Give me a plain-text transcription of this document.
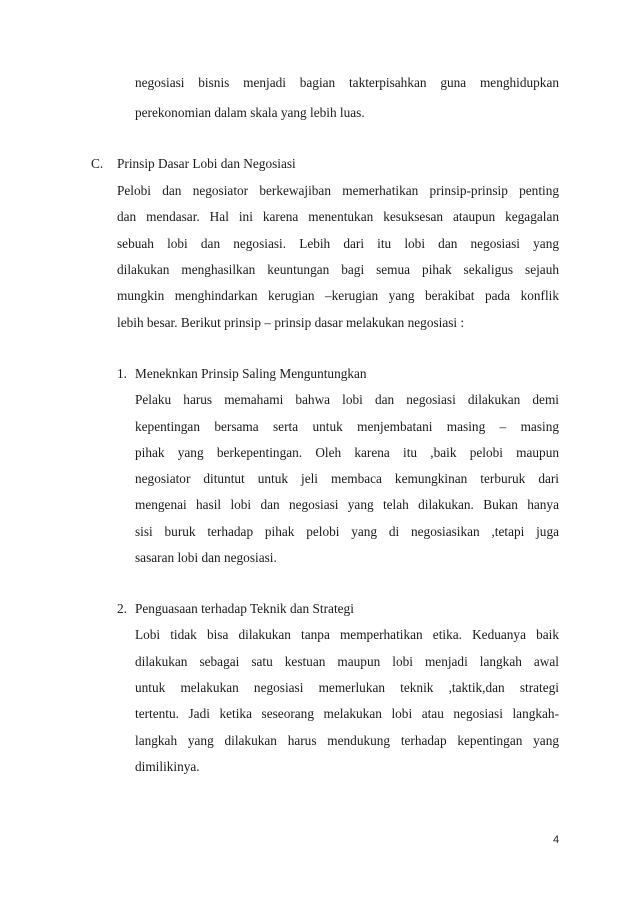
negosiasi bisnis menjadi bagian takterpisahkan guna menghidupkan
perekonomian dalam skala yang lebih luas.
C. Prinsip Dasar Lobi dan Negosiasi
Pelobi dan negosiator berkewajiban memerhatikan prinsip-prinsip penting
dan mendasar. Hal ini karena menentukan kesuksesan ataupun kegagalan
sebuah lobi dan negosiasi. Lebih dari itu lobi dan negosiasi yang
dilakukan menghasilkan keuntungan bagi semua pihak sekaligus sejauh
mungkin menghindarkan kerugian –kerugian yang berakibat pada konflik
lebih besar. Berikut prinsip – prinsip dasar melakukan negosiasi :
1. Meneknkan Prinsip Saling Menguntungkan
Pelaku harus memahami bahwa lobi dan negosiasi dilakukan demi
kepentingan bersama serta untuk menjembatani masing – masing
pihak yang berkepentingan. Oleh karena itu ,baik pelobi maupun
negosiator dituntut untuk jeli membaca kemungkinan terburuk dari
mengenai hasil lobi dan negosiasi yang telah dilakukan. Bukan hanya
sisi buruk terhadap pihak pelobi yang di negosiasikan ,tetapi juga
sasaran lobi dan negosiasi.
2. Penguasaan terhadap Teknik dan Strategi
Lobi tidak bisa dilakukan tanpa memperhatikan etika. Keduanya baik
dilakukan sebagai satu kestuan maupun lobi menjadi langkah awal
untuk melakukan negosiasi memerlukan teknik ,taktik,dan strategi
tertentu. Jadi ketika seseorang melakukan lobi atau negosiasi langkah-
langkah yang dilakukan harus mendukung terhadap kepentingan yang
dimilikinya.
4
